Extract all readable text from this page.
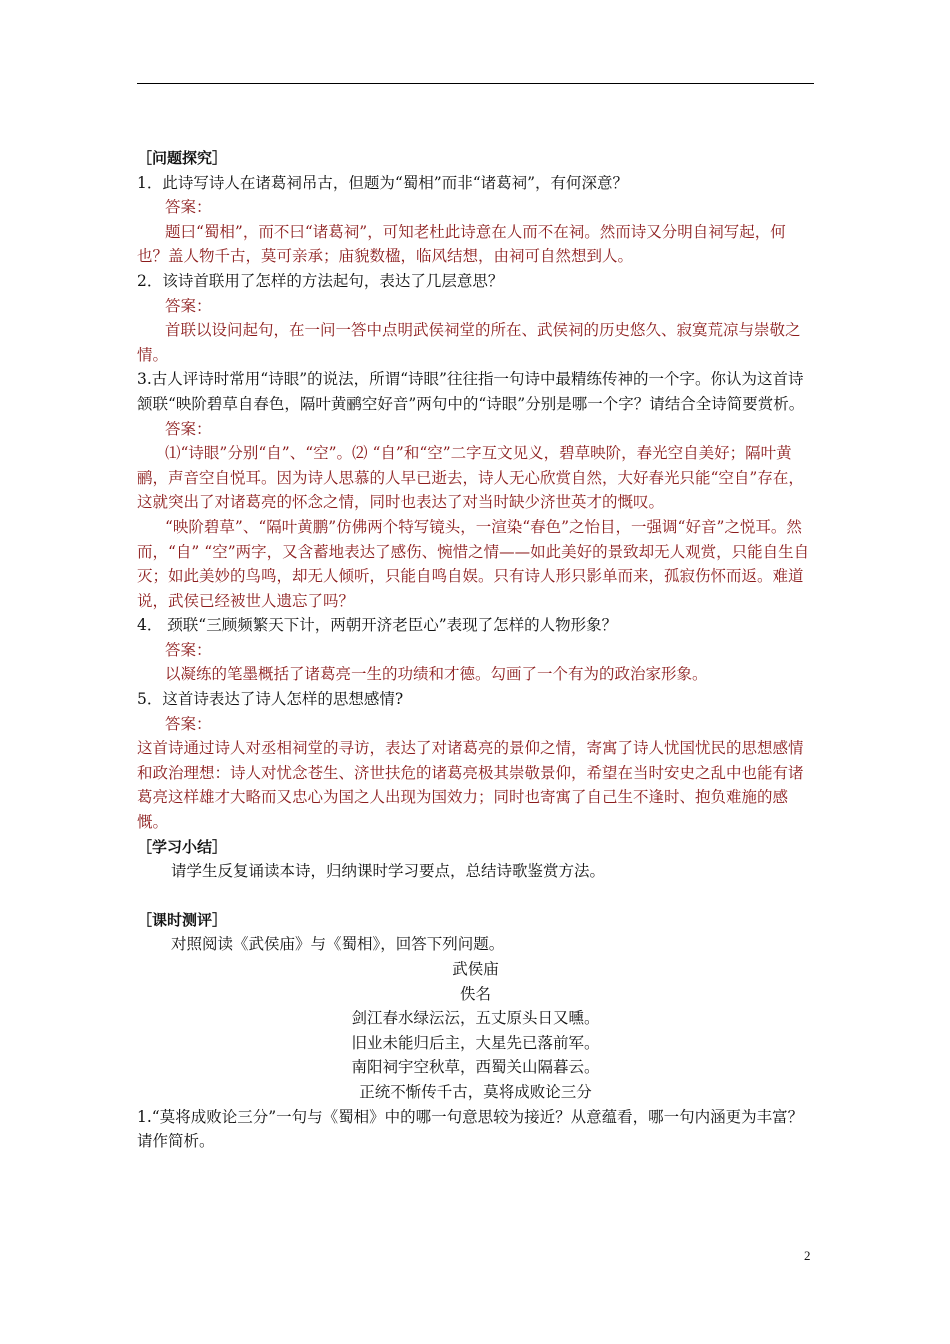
［问题探究］

1．此诗写诗人在诸葛祠吊古，但题为“蜀相”而非“诸葛祠”，有何深意？

答案：

题曰“蜀相”，而不曰“诸葛祠”，可知老杜此诗意在人而不在祠。然而诗又分明自祠写起，何也？盖人物千古，莫可亲承；庙貌数楹，临风结想，由祠可自然想到人。

2．该诗首联用了怎样的方法起句，表达了几层意思？

答案：

首联以设问起句，在一问一答中点明武侯祠堂的所在、武侯祠的历史悠久、寂寞荒凉与崇敬之情。

3.古人评诗时常用“诗眼”的说法，所谓“诗眼”往往指一句诗中最精练传神的一个字。你认为这首诗颔联“映阶碧草自春色，隔叶黄鹂空好音”两句中的“诗眼”分别是哪一个字？请结合全诗简要赏析。

答案：

⑴“诗眼”分别“自”、“空”。⑵ “自”和“空”二字互文见义，碧草映阶，春光空自美好；隔叶黄鹂，声音空自悦耳。因为诗人思慕的人早已逝去，诗人无心欣赏自然，大好春光只能“空自”存在，这就突出了对诸葛亮的怀念之情，同时也表达了对当时缺少济世英才的慨叹。

“映阶碧草”、“隔叶黄鹏”仿佛两个特写镜头，一渲染“春色”之怡目，一强调“好音”之悦耳。然而，“自” “空”两字，又含蓄地表达了感伤、惋惜之情——如此美好的景致却无人观赏，只能自生自灭；如此美妙的鸟鸣，却无人倾听，只能自鸣自娱。只有诗人形只影单而来，孤寂伤怀而返。难道说，武侯已经被世人遗忘了吗？

4． 颈联“三顾频繁天下计，两朝开济老臣心”表现了怎样的人物形象？

答案：

以凝练的笔墨概括了诸葛亮一生的功绩和才德。勾画了一个有为的政治家形象。

5．这首诗表达了诗人怎样的思想感情?

答案：

这首诗通过诗人对丞相祠堂的寻访，表达了对诸葛亮的景仰之情，寄寓了诗人忧国忧民的思想感情和政治理想：诗人对忧念苍生、济世扶危的诸葛亮极其崇敬景仰，希望在当时安史之乱中也能有诸葛亮这样雄才大略而又忠心为国之人出现为国效力；同时也寄寓了自己生不逢时、抱负难施的感慨。

［学习小结］

请学生反复诵读本诗，归纳课时学习要点，总结诗歌鉴赏方法。

［课时测评］

对照阅读《武侯庙》与《蜀相》，回答下列问题。

武侯庙

佚名

剑江春水绿沄沄，五丈原头日又曛。

旧业未能归后主，大星先已落前军。

南阳祠宇空秋草，西蜀关山隔暮云。

正统不惭传千古，莫将成败论三分

1.“莫将成败论三分”一句与《蜀相》中的哪一句意思较为接近？从意蕴看，哪一句内涵更为丰富？请作简析。

2
